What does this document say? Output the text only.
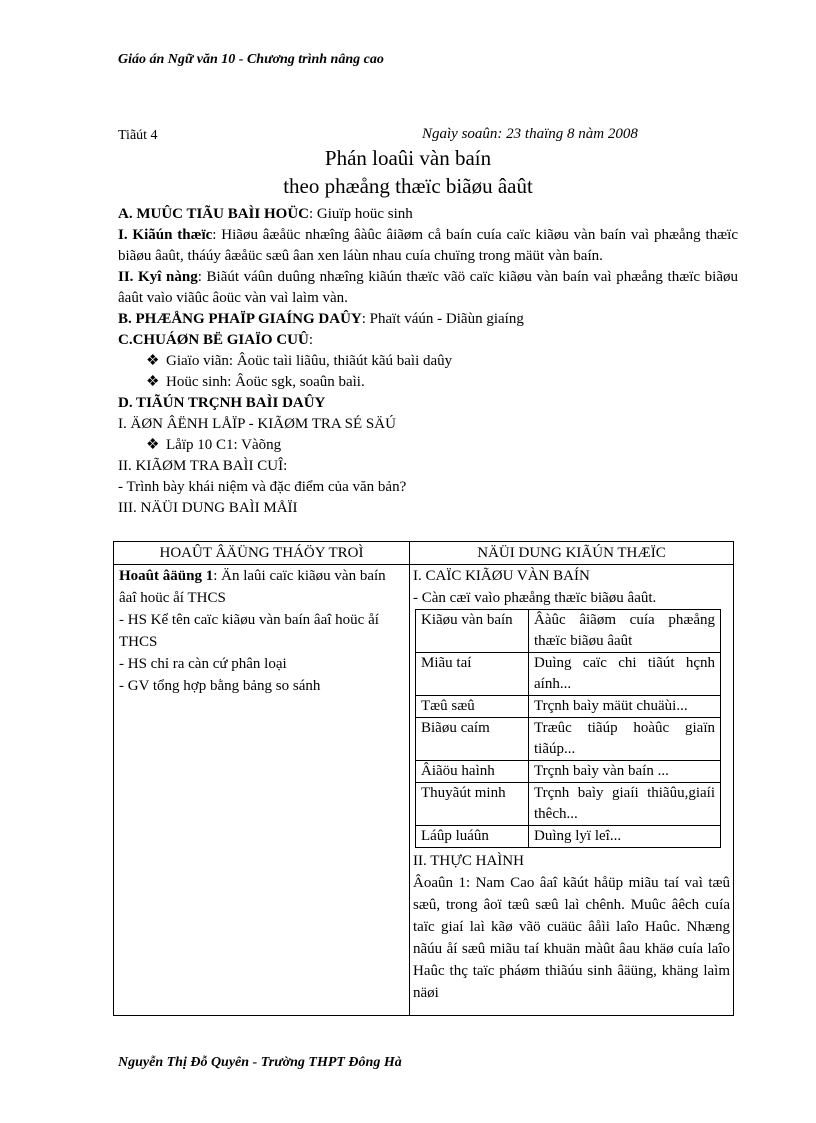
Giáo án Ngữ văn 10 - Chương trình nâng cao
Tiãút 4	Ngaìy soaûn: 23 thaïng 8 nàm 2008
Phán loaûi vàn baín
theo phæång thæïc biãøu âaût

A. MUÛC TIÃU BAÌI HOÜC: Giuïp hoüc sinh

I. Kiãún thæïc: Hiãøu âæåüc nhæîng âàûc âiãøm cå baín cuía caïc kiãøu vàn baín vaì phæång thæïc biãøu âaût, tháúy âæåüc sæû âan xen láùn nhau cuía chuïng trong mäüt vàn baín.

II. Kyî nàng: Biãút váûn duûng nhæîng kiãún thæïc vãö caïc kiãøu vàn baín vaì phæång thæïc biãøu âaût vaìo viãûc âoüc vàn vaì laìm vàn.

B. PHÆÅNG PHAÏP GIAÍNG DAÛY: Phaït váún - Diãùn giaíng

C.CHUÁØN BË GIAÏO CUÛ:

❖ Giaïo viãn: Âoüc taìi liãûu, thiãút kãú baìi daûy

❖ Hoüc sinh: Âoüc sgk, soaûn baìi.

D. TIÃÚN TRÇNH BAÌI DAÛY

I. ÄØN ÂËNH LÅÏP - KIÃØM TRA SÉ SÄÚ

❖ Låïp 10 C1: Vàõng

II. KIÃØM TRA BAÌI CUÎ:

- Trình bày khái niệm và đặc điểm của văn bản?

III. NÄÜI DUNG BAÌI MÅÏI

HOAÛT ÂÄÜNG THÁÖY TROÌ	NÄÜI DUNG KIÃÚN THÆÏC

Hoaût âäüng 1: Än laûi caïc kiãøu vàn baín âaî hoüc åí THCS
- HS Kể tên caïc kiãøu vàn baín âaî hoüc åí THCS
- HS chỉ ra càn cứ phân loại
- GV tổng hợp bằng bảng so sánh

I. CAÏC KIÃØU VÀN BAÍN
- Càn cæï vaìo phæång thæïc biãøu âaût.
Kiãøu vàn baín	Âàûc âiãøm cuía phæång thæïc biãøu âaût
Miãu taí	Duìng caïc chi tiãút hçnh aính...
Tæû sæû	Trçnh baìy mäüt chuäùi...
Biãøu caím	Træûc tiãúp hoàûc giaïn tiãúp...
Âiãöu haình	Trçnh baìy vàn baín ...
Thuyãút minh	Trçnh baìy giaíi thiãûu,giaíi thêch...
Láûp luáûn	Duìng lyï leî...
II. THỰC HAÌNH
Âoaûn 1: Nam Cao âaî kãút håüp miãu taí vaì tæû sæû, trong âoï tæû sæû laì chênh. Muûc âêch cuía taïc giaí laì kãø vãö cuäüc âåìi laîo Haûc. Nhæng nãúu åí sæû miãu taí khuän màût âau khäø cuía laîo Haûc thç taïc pháøm thiãúu sinh âäüng, khäng laìm näøi
Nguyễn Thị Đỗ Quyên - Trường THPT Đông Hà
